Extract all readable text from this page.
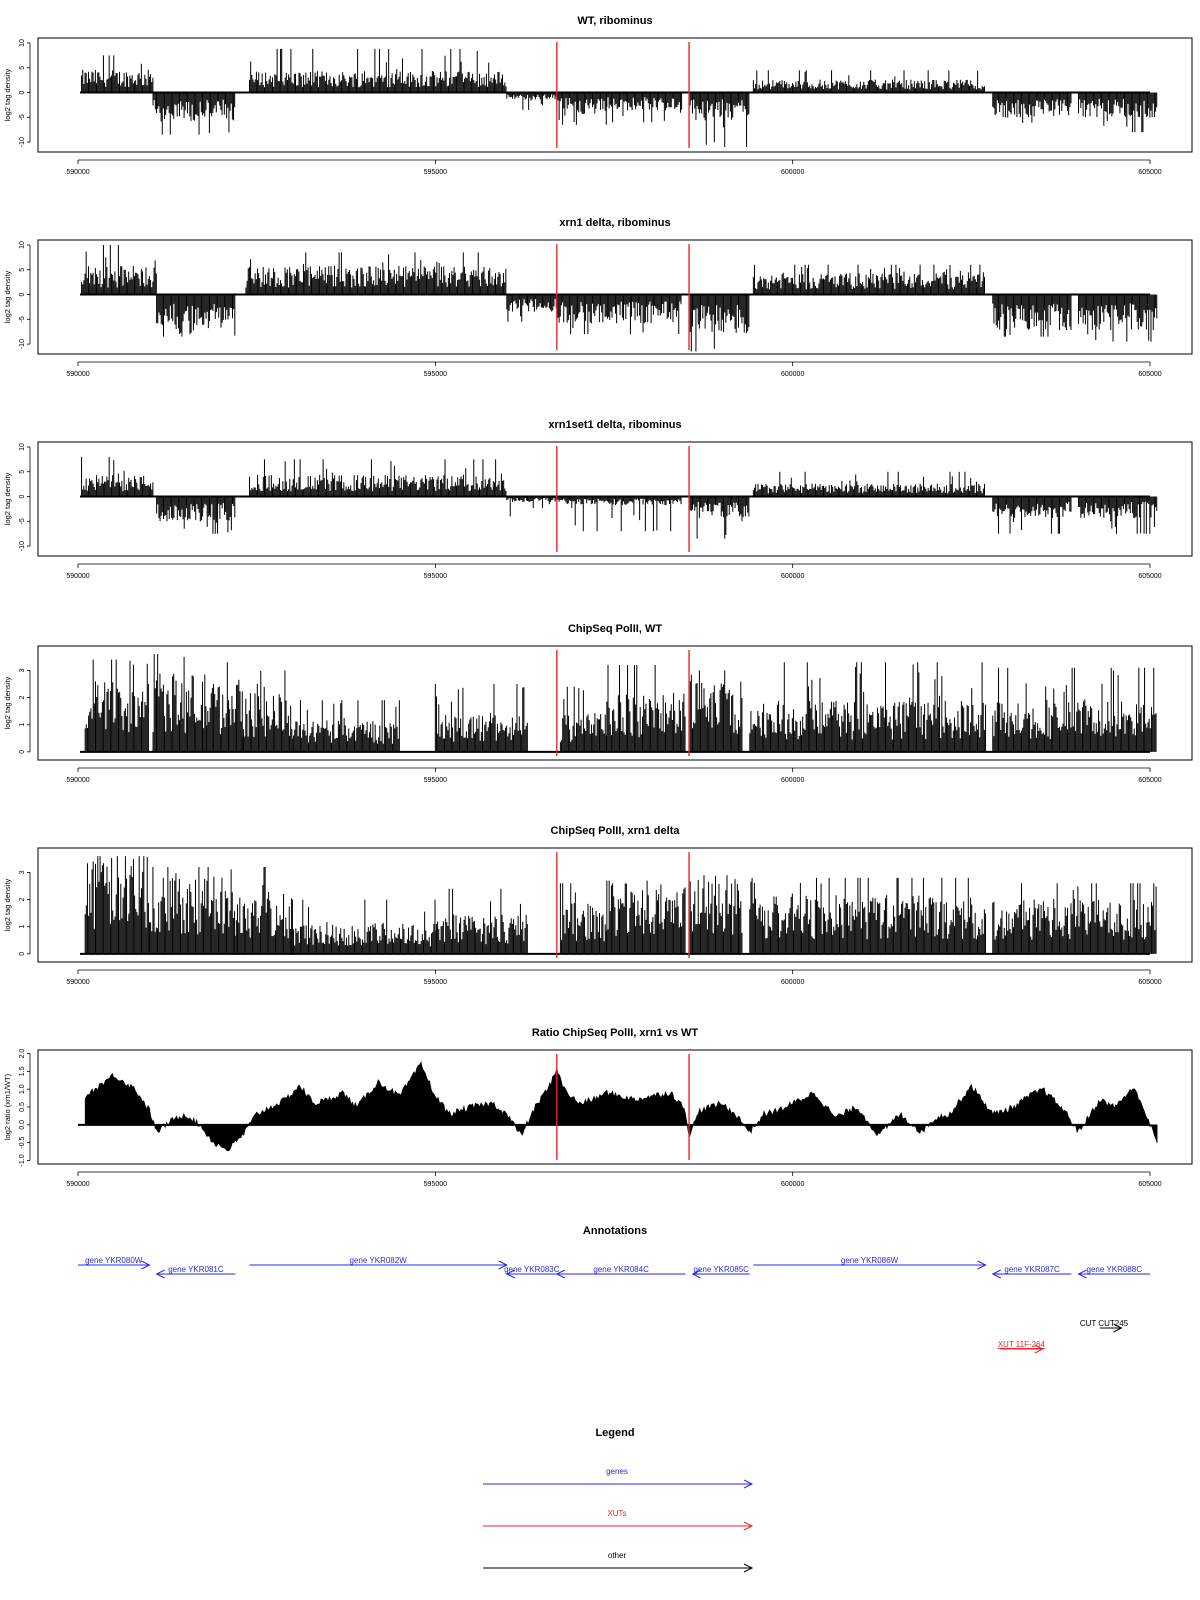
WT, ribominus
log2 tag density
-10
-5
0
5
10
590000	595000	600000	605000
xrn1 delta, ribominus
log2 tag density
-10
-5
0
5
10
590000	595000	600000	605000
xrn1set1 delta, ribominus
log2 tag density
-10
-5
0
5
10
590000	595000	600000	605000
ChipSeq PolII, WT
log2 tag density
0
1
2
3
590000	595000	600000	605000
ChipSeq PolII, xrn1 delta
log2 tag density
0
1
2
3
590000	595000	600000	605000
Ratio ChipSeq PolII, xrn1 vs WT
log2 ratio (xrn1/WT)
-1.0
-0.5
0.0
0.5
1.0
1.5
2.0
590000	595000	600000	605000
Annotations
gene YKR080W
gene YKR081C
gene YKR082W
gene YKR083C	gene YKR084C	gene YKR085C
gene YKR086W
gene YKR087C	gene YKR088C
CUT CUT245
XUT 11F-264
Legend
genes
XUTs
other
